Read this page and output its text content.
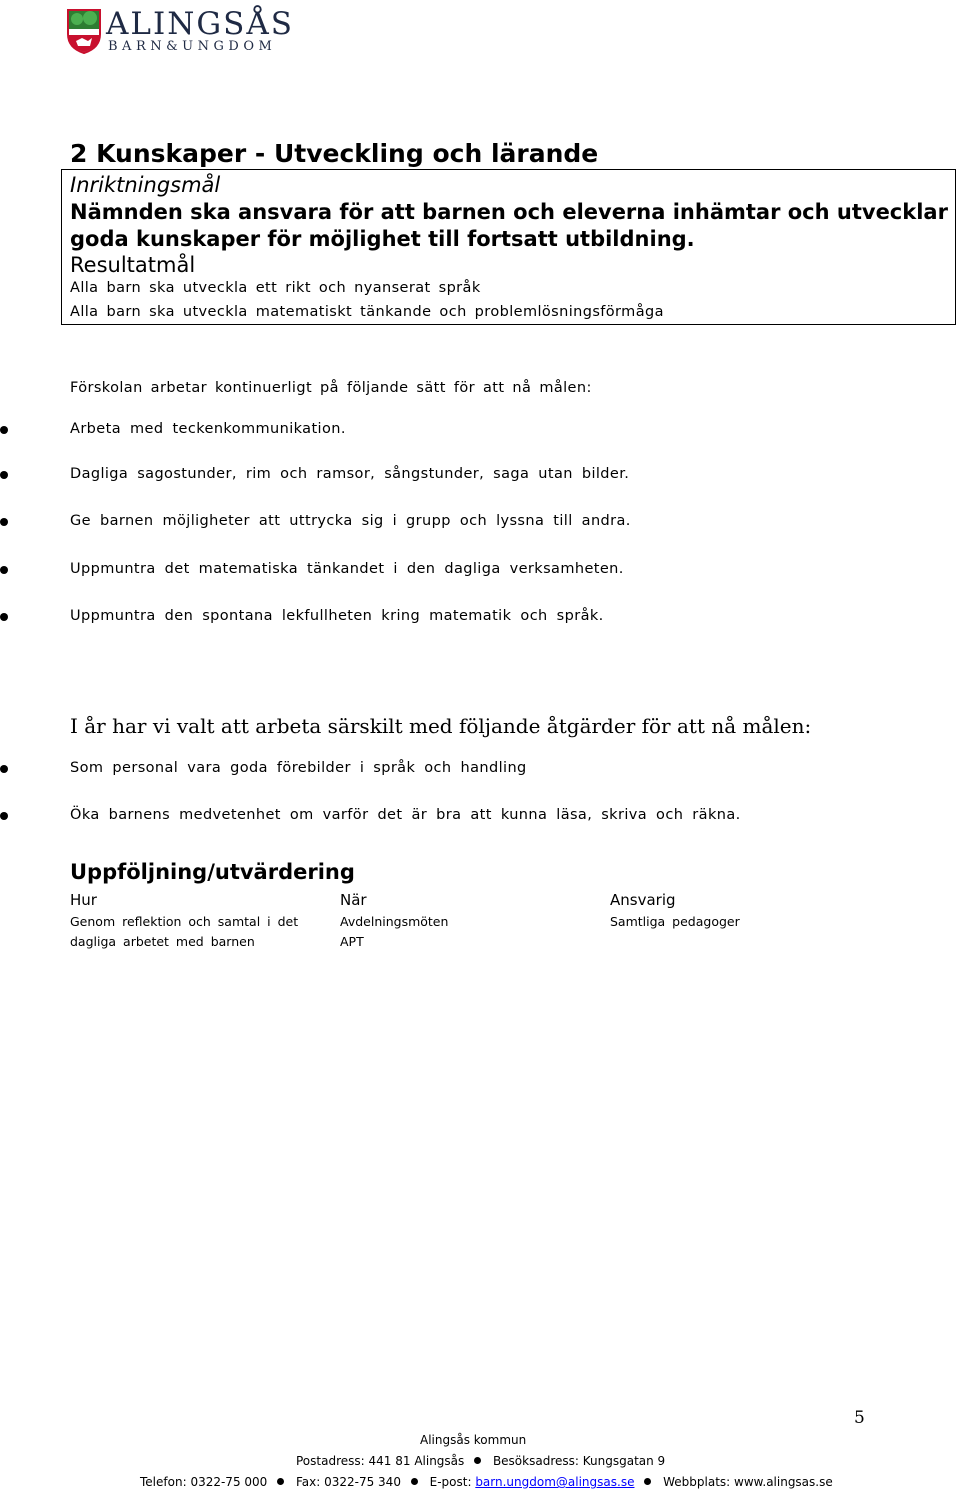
ALINGSÅS
BARN&UNGDOM
2 Kunskaper - Utveckling och lärande
Inriktningsmål
Nämnden ska ansvara för att barnen och eleverna inhämtar och utvecklar goda kunskaper för möjlighet till fortsatt utbildning.
Resultatmål
Alla barn ska utveckla ett rikt och nyanserat språk
Alla barn ska utveckla matematiskt tänkande och problemlösningsförmåga
Förskolan arbetar kontinuerligt på följande sätt för att nå målen:
Arbeta med teckenkommunikation.
Dagliga sagostunder, rim och ramsor, sångstunder, saga utan bilder.
Ge barnen möjligheter att uttrycka sig i grupp och lyssna till andra.
Uppmuntra det matematiska tänkandet i den dagliga verksamheten.
Uppmuntra den spontana lekfullheten kring matematik och språk.
I år har vi valt att arbeta särskilt med följande åtgärder för att nå målen:
Som personal vara goda förebilder i språk och handling
Öka barnens medvetenhet om varför det är bra att kunna läsa, skriva och räkna.
Uppföljning/utvärdering
Hur	När	Ansvarig
Genom reflektion och samtal i det
dagliga arbetet med barnen
Avdelningsmöten
APT
Samtliga pedagoger
5
Alingsås kommun
Postadress: 441 81 Alingsås Besöksadress: Kungsgatan 9
Telefon: 0322-75 000 Fax: 0322-75 340 E-post: barn.ungdom@alingsas.se Webbplats: www.alingsas.se
